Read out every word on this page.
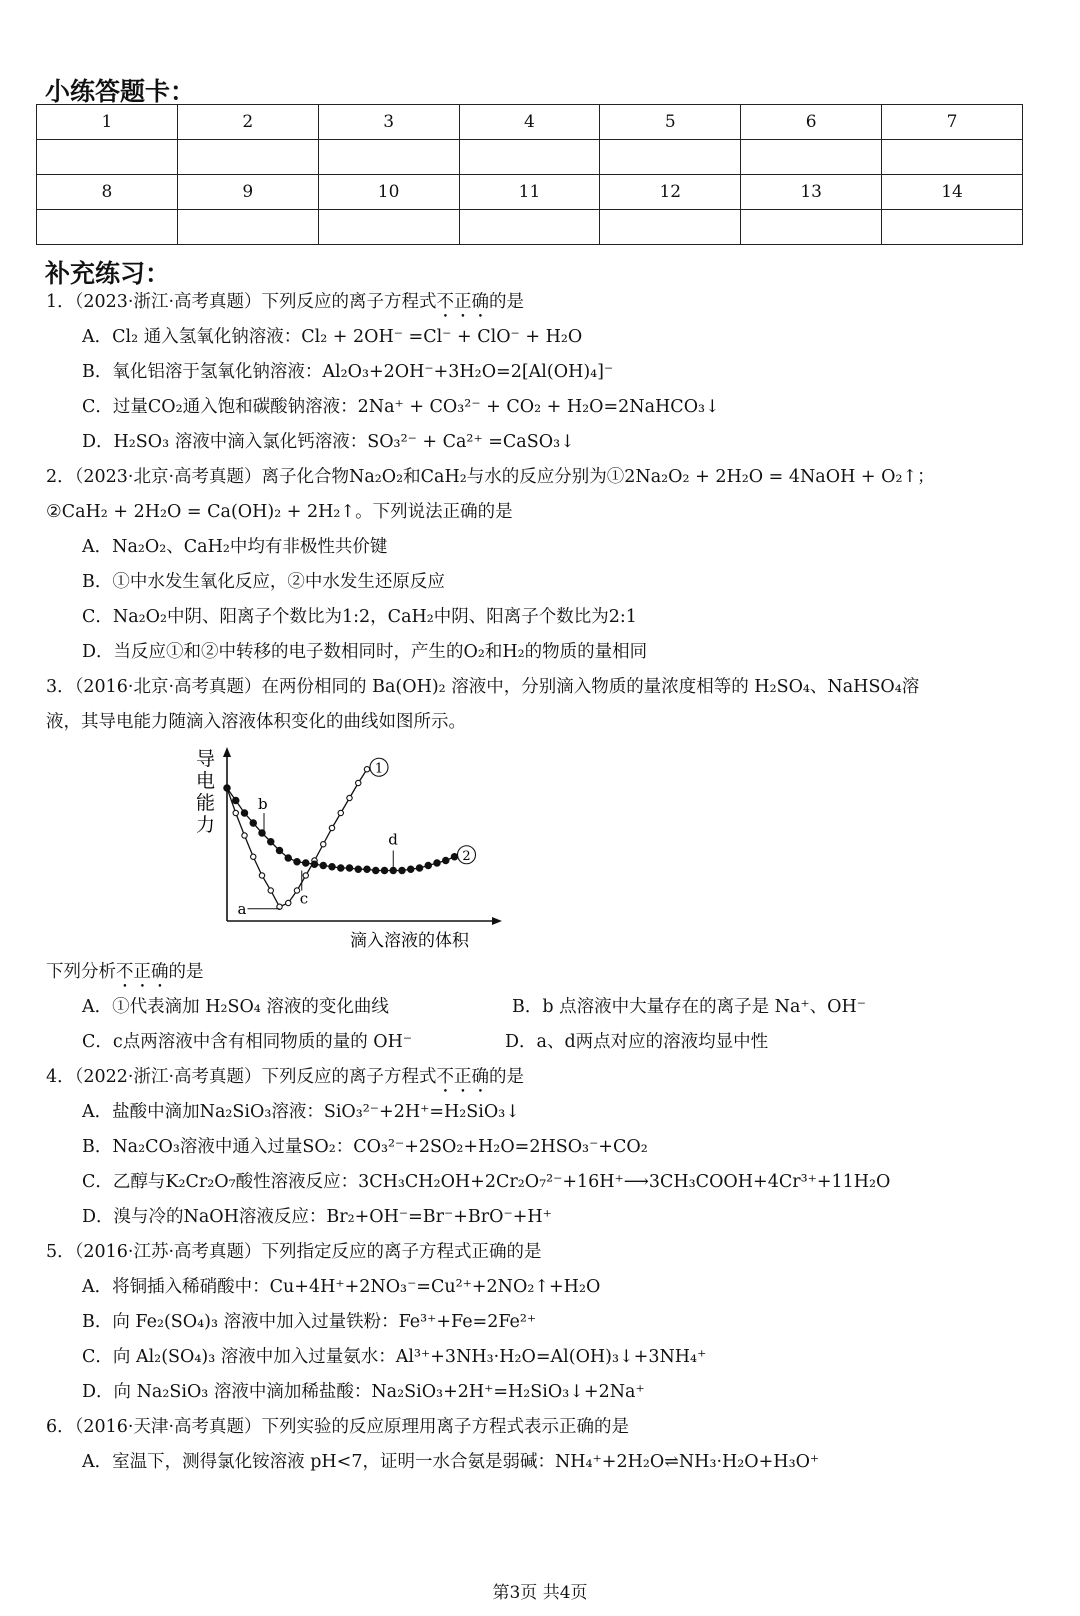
小练答题卡：
1	2	3	4	5	6	7

8	9	10	11	12	13	14

补充练习：
1．（2023·浙江·高考真题）下列反应的离子方程式不正确的是
A．Cl₂ 通入氢氧化钠溶液：Cl₂ + 2OH⁻ =Cl⁻ + ClO⁻ + H₂O
B．氧化铝溶于氢氧化钠溶液：Al₂O₃+2OH⁻+3H₂O=2[Al(OH)₄]⁻
C．过量CO₂通入饱和碳酸钠溶液：2Na⁺ + CO₃²⁻ + CO₂ + H₂O=2NaHCO₃↓
D．H₂SO₃ 溶液中滴入氯化钙溶液：SO₃²⁻ + Ca²⁺ =CaSO₃↓
2．（2023·北京·高考真题）离子化合物Na₂O₂和CaH₂与水的反应分别为①2Na₂O₂ + 2H₂O = 4NaOH + O₂↑；
②CaH₂ + 2H₂O = Ca(OH)₂ + 2H₂↑。下列说法正确的是
A．Na₂O₂、CaH₂中均有非极性共价键
B．①中水发生氧化反应，②中水发生还原反应
C．Na₂O₂中阴、阳离子个数比为1:2，CaH₂中阴、阳离子个数比为2:1
D．当反应①和②中转移的电子数相同时，产生的O₂和H₂的物质的量相同
3．（2016·北京·高考真题）在两份相同的 Ba(OH)₂ 溶液中，分别滴入物质的量浓度相等的 H₂SO₄、NaHSO₄溶
液，其导电能力随滴入溶液体积变化的曲线如图所示。
导电能力
滴入溶液的体积
1
2
a
b
c
d
下列分析不正确的是
A．①代表滴加 H₂SO₄ 溶液的变化曲线	B．b 点溶液中大量存在的离子是 Na⁺、OH⁻
C．c点两溶液中含有相同物质的量的 OH⁻	D．a、d两点对应的溶液均显中性
4．（2022·浙江·高考真题）下列反应的离子方程式不正确的是
A．盐酸中滴加Na₂SiO₃溶液：SiO₃²⁻+2H⁺=H₂SiO₃↓
B．Na₂CO₃溶液中通入过量SO₂：CO₃²⁻+2SO₂+H₂O=2HSO₃⁻+CO₂
C．乙醇与K₂Cr₂O₇酸性溶液反应：3CH₃CH₂OH+2Cr₂O₇²⁻+16H⁺⟶3CH₃COOH+4Cr³⁺+11H₂O
D．溴与冷的NaOH溶液反应：Br₂+OH⁻=Br⁻+BrO⁻+H⁺
5．（2016·江苏·高考真题）下列指定反应的离子方程式正确的是
A．将铜插入稀硝酸中：Cu+4H⁺+2NO₃⁻=Cu²⁺+2NO₂↑+H₂O
B．向 Fe₂(SO₄)₃ 溶液中加入过量铁粉：Fe³⁺+Fe=2Fe²⁺
C．向 Al₂(SO₄)₃ 溶液中加入过量氨水：Al³⁺+3NH₃·H₂O=Al(OH)₃↓+3NH₄⁺
D．向 Na₂SiO₃ 溶液中滴加稀盐酸：Na₂SiO₃+2H⁺=H₂SiO₃↓+2Na⁺
6．（2016·天津·高考真题）下列实验的反应原理用离子方程式表示正确的是
A．室温下，测得氯化铵溶液 pH<7，证明一水合氨是弱碱：NH₄⁺+2H₂O⇌NH₃·H₂O+H₃O⁺
第3页 共4页
